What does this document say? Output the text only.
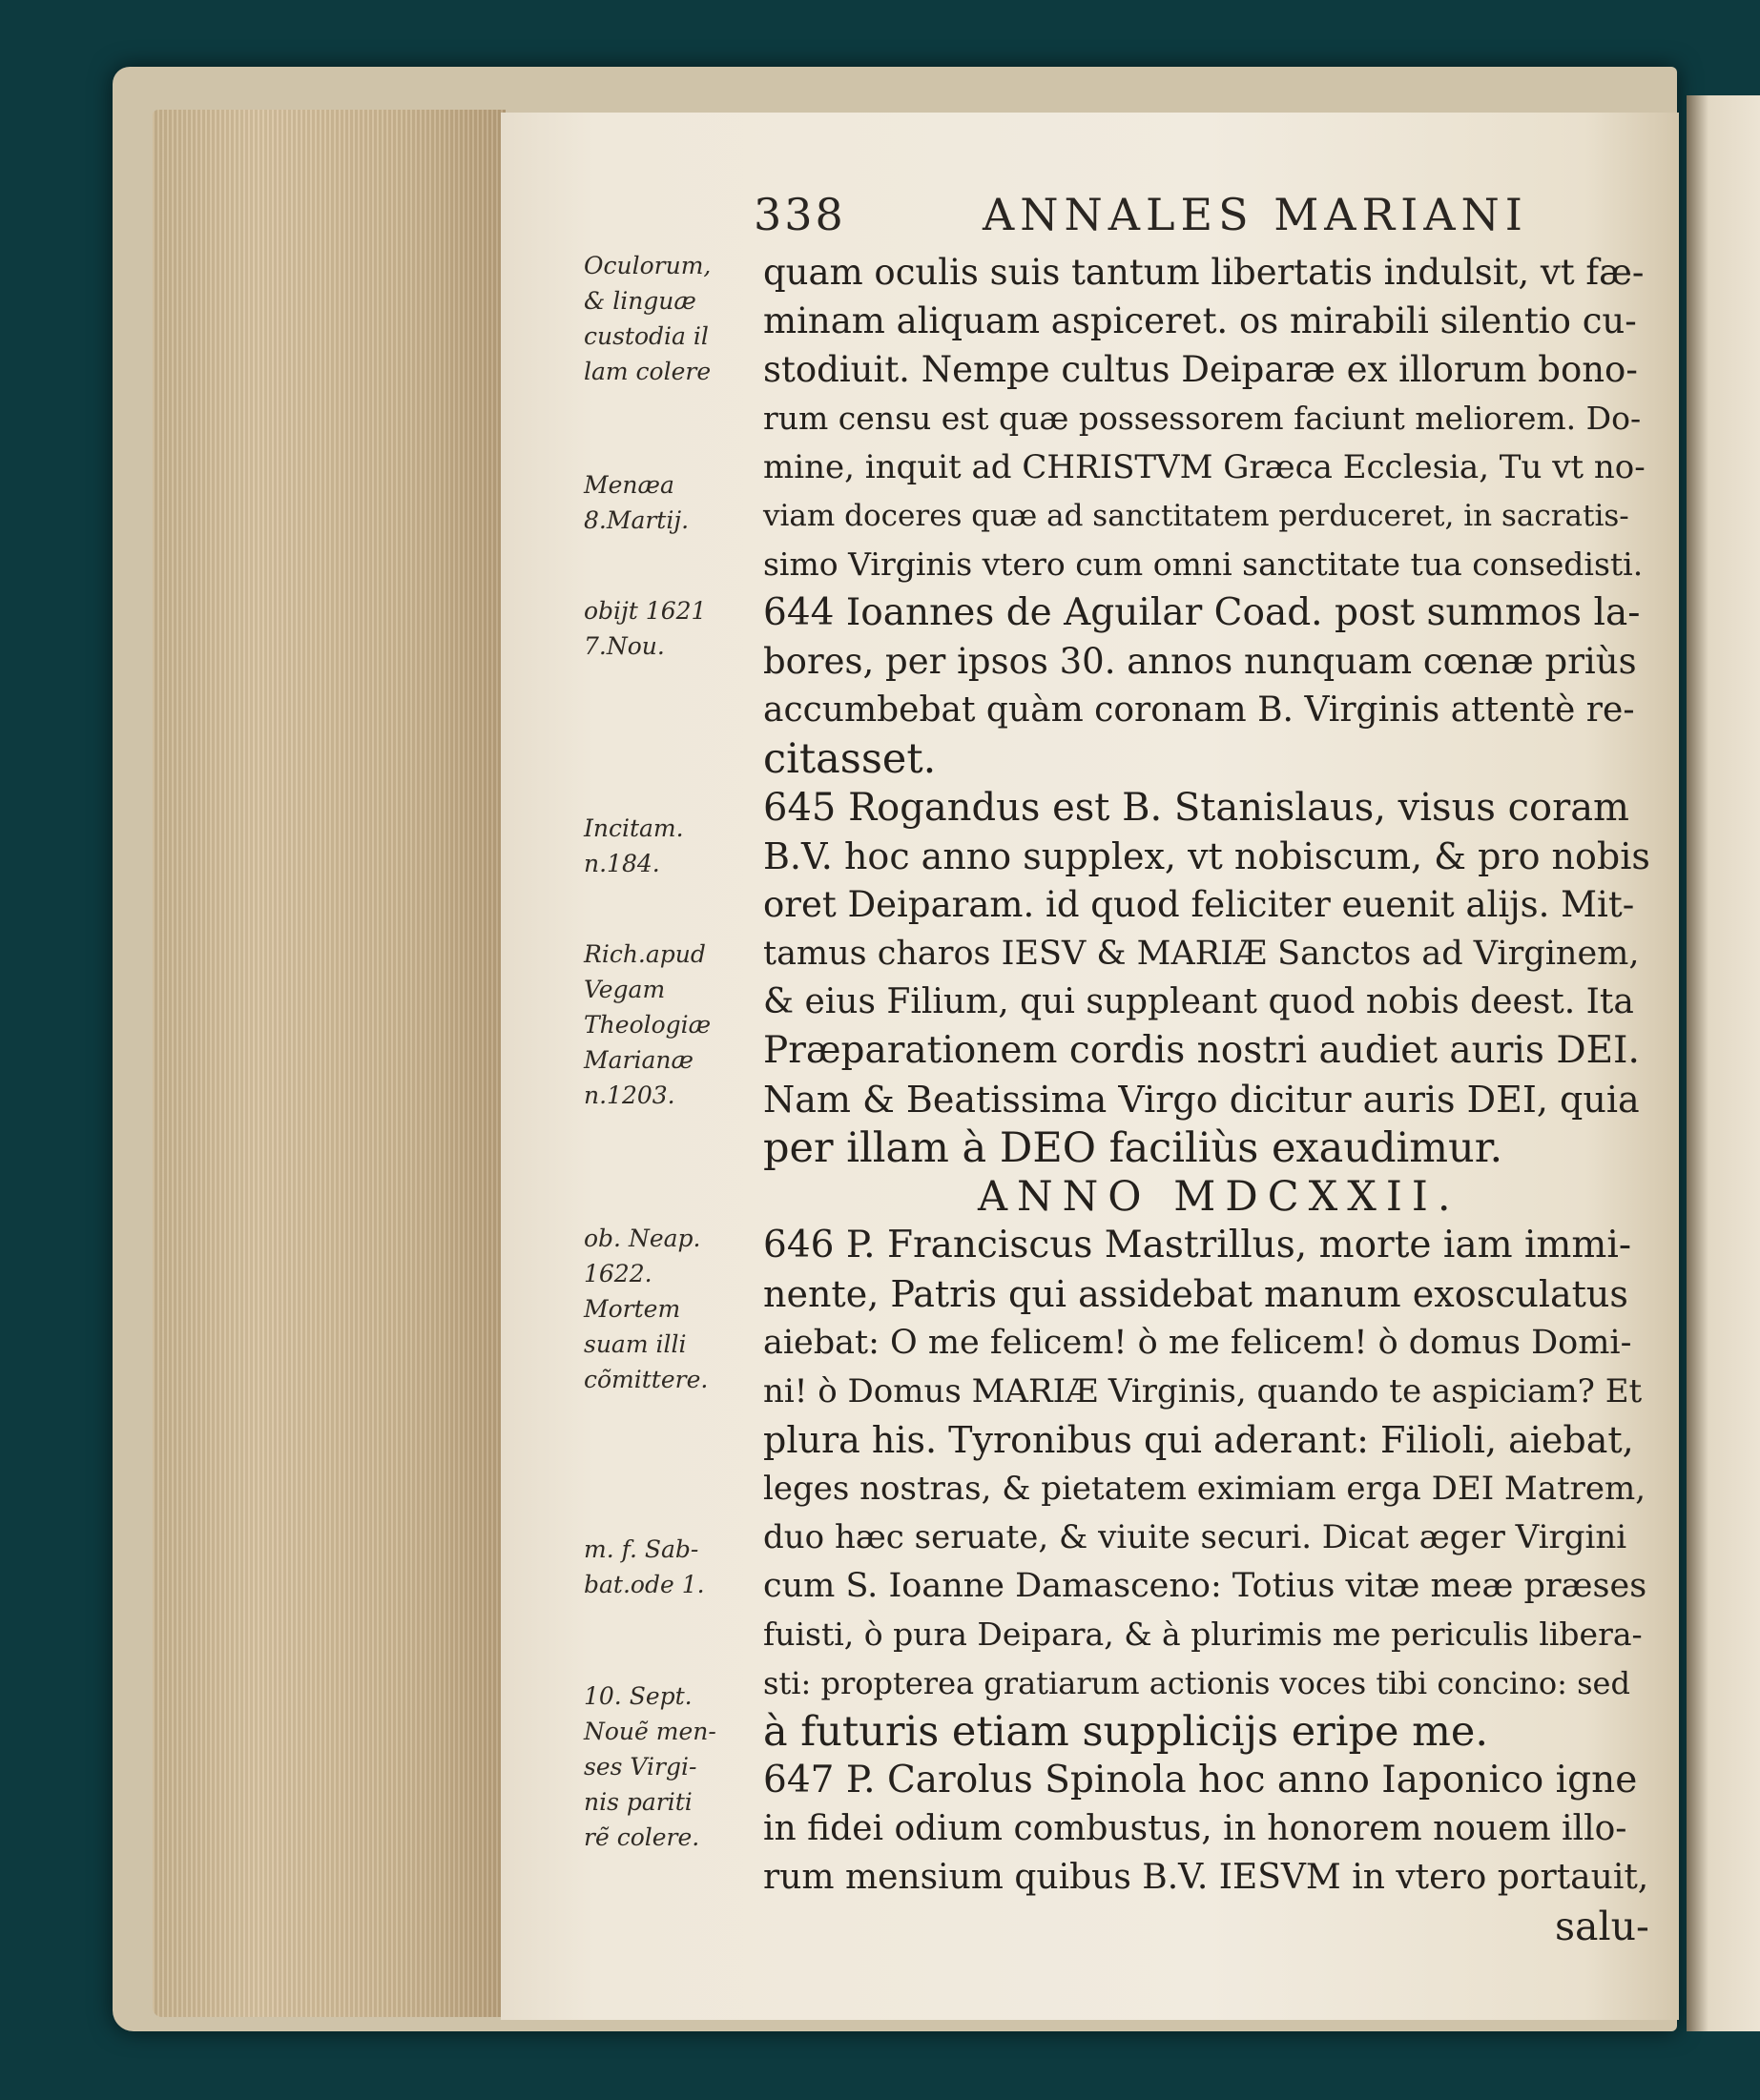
338	ANNALES MARIANI
Oculorum,
& linguæ
custodia il
lam colere
Menæa
8.Martij.
obijt 1621
7.Nou.
Incitam.
n.184.
Rich.apud
Vegam
Theologiæ
Marianæ
n.1203.
ob. Neap.
1622.
Mortem
suam illi
cõmittere.
m. f. Sab-
bat.ode 1.
10. Sept.
Nouẽ men-
ses Virgi-
nis pariti
rẽ colere.
quam oculis suis tantum libertatis indulsit, vt fæ-
minam aliquam aspiceret. os mirabili silentio cu-
stodiuit. Nempe cultus Deiparæ ex illorum bono-
rum censu est quæ possessorem faciunt meliorem. Do-
mine, inquit ad CHRISTVM Græca Ecclesia, Tu vt no-
viam doceres quæ ad sanctitatem perduceret, in sacratis-
simo Virginis vtero cum omni sanctitate tua consedisti.
644 Ioannes de Aguilar Coad. post summos la-
bores, per ipsos 30. annos nunquam cœnæ priùs
accumbebat quàm coronam B. Virginis attentè re-
citasset.
645 Rogandus est B. Stanislaus, visus coram
B.V. hoc anno supplex, vt nobiscum, & pro nobis
oret Deiparam. id quod feliciter euenit alijs. Mit-
tamus charos IESV & MARIÆ Sanctos ad Virginem,
& eius Filium, qui suppleant quod nobis deest. Ita
Præparationem cordis nostri audiet auris DEI.
Nam & Beatissima Virgo dicitur auris DEI, quia
per illam à DEO faciliùs exaudimur.
ANNO MDCXXII.
646 P. Franciscus Mastrillus, morte iam immi-
nente, Patris qui assidebat manum exosculatus
aiebat: O me felicem! ò me felicem! ò domus Domi-
ni! ò Domus MARIÆ Virginis, quando te aspiciam? Et
plura his. Tyronibus qui aderant: Filioli, aiebat,
leges nostras, & pietatem eximiam erga DEI Matrem,
duo hæc seruate, & viuite securi. Dicat æger Virgini
cum S. Ioanne Damasceno: Totius vitæ meæ præses
fuisti, ò pura Deipara, & à plurimis me periculis libera-
sti: propterea gratiarum actionis voces tibi concino: sed
à futuris etiam supplicijs eripe me.
647 P. Carolus Spinola hoc anno Iaponico igne
in fidei odium combustus, in honorem nouem illo-
rum mensium quibus B.V. IESVM in vtero portauit,
salu-
